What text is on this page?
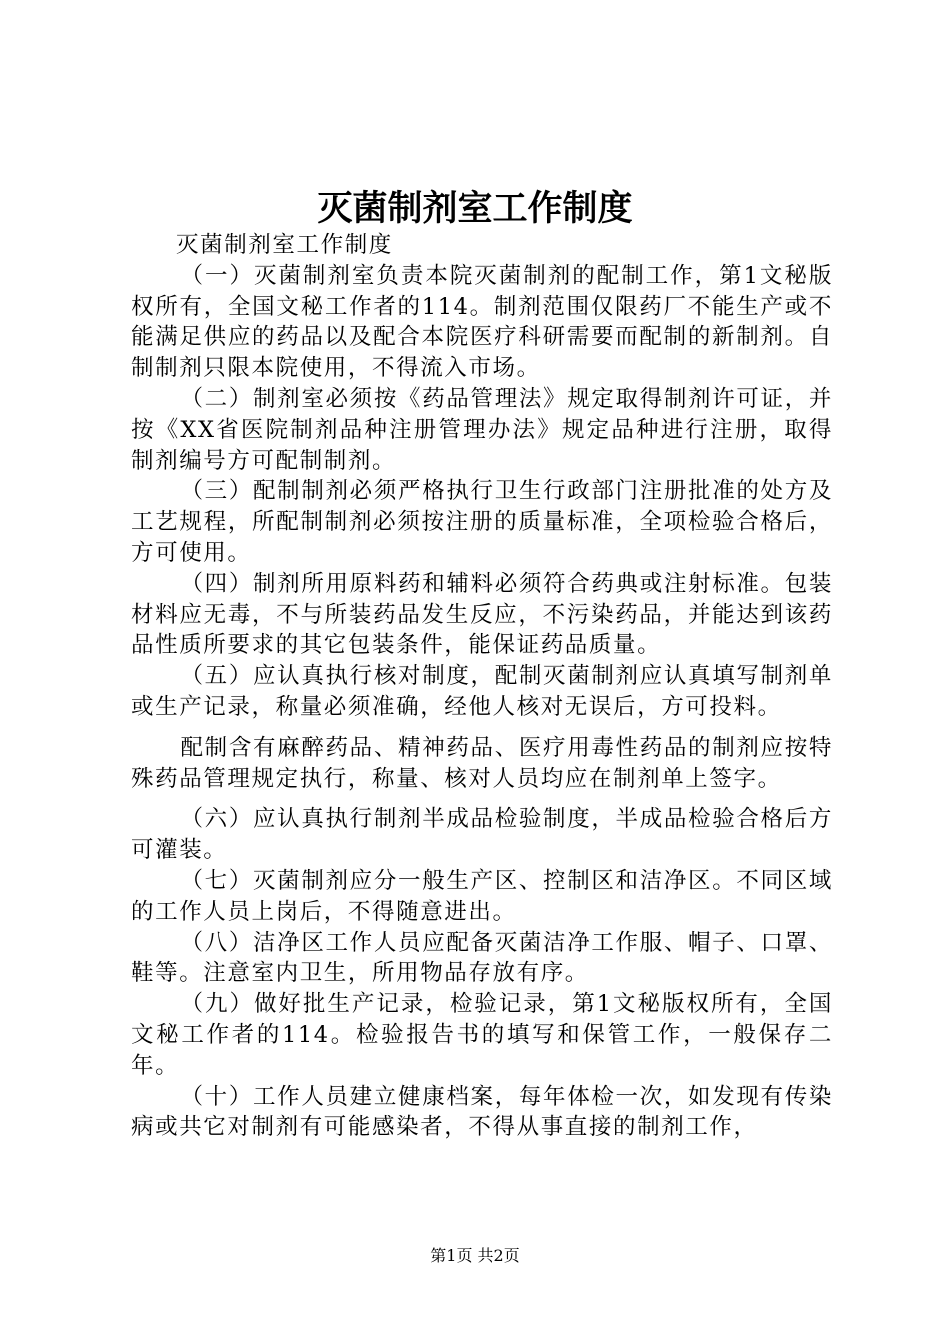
灭菌制剂室工作制度

灭菌制剂室工作制度

（一）灭菌制剂室负责本院灭菌制剂的配制工作，第1文秘版权所有，全国文秘工作者的114。制剂范围仅限药厂不能生产或不能满足供应的药品以及配合本院医疗科研需要而配制的新制剂。自制制剂只限本院使用，不得流入市场。

（二）制剂室必须按《药品管理法》规定取得制剂许可证，并按《XX省医院制剂品种注册管理办法》规定品种进行注册，取得制剂编号方可配制制剂。

（三）配制制剂必须严格执行卫生行政部门注册批准的处方及工艺规程，所配制制剂必须按注册的质量标准，全项检验合格后，方可使用。

（四）制剂所用原料药和辅料必须符合药典或注射标准。包装材料应无毒，不与所装药品发生反应，不污染药品，并能达到该药品性质所要求的其它包装条件，能保证药品质量。

（五）应认真执行核对制度，配制灭菌制剂应认真填写制剂单或生产记录，称量必须准确，经他人核对无误后，方可投料。

配制含有麻醉药品、精神药品、医疗用毒性药品的制剂应按特殊药品管理规定执行，称量、核对人员均应在制剂单上签字。

（六）应认真执行制剂半成品检验制度，半成品检验合格后方可灌装。

（七）灭菌制剂应分一般生产区、控制区和洁净区。不同区域的工作人员上岗后，不得随意进出。

（八）洁净区工作人员应配备灭菌洁净工作服、帽子、口罩、鞋等。注意室内卫生，所用物品存放有序。

（九）做好批生产记录，检验记录，第1文秘版权所有，全国文秘工作者的114。检验报告书的填写和保管工作，一般保存二年。

（十）工作人员建立健康档案，每年体检一次，如发现有传染病或共它对制剂有可能感染者，不得从事直接的制剂工作，

第1页 共2页
